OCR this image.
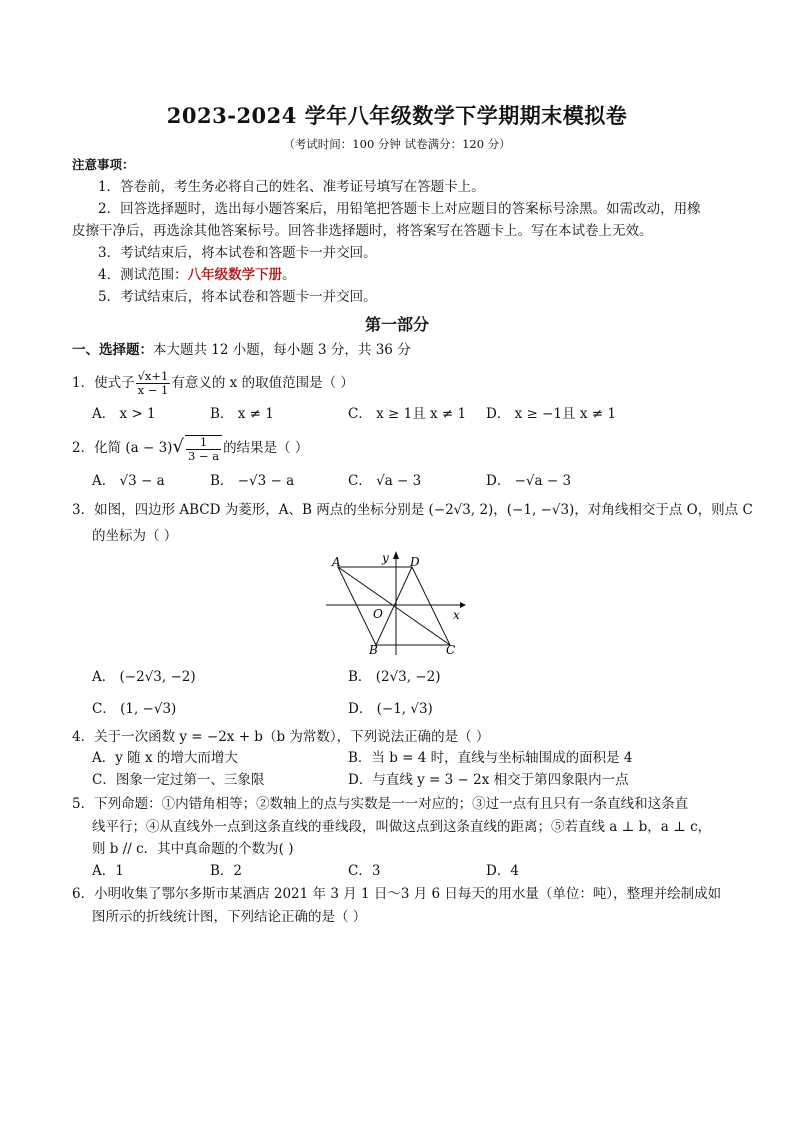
2023-2024 学年八年级数学下学期期末模拟卷
（考试时间：100 分钟 试卷满分：120 分）
注意事项：
1．答卷前，考生务必将自己的姓名、准考证号填写在答题卡上。
2．回答选择题时，选出每小题答案后，用铅笔把答题卡上对应题目的答案标号涂黑。如需改动，用橡
皮擦干净后，再选涂其他答案标号。回答非选择题时，将答案写在答题卡上。写在本试卷上无效。
3．考试结束后，将本试卷和答题卡一并交回。
4．测试范围：八年级数学下册。
5．考试结束后，将本试卷和答题卡一并交回。
第一部分
一、选择题：本大题共 12 小题，每小题 3 分，共 36 分
1．使式子 $\frac{√x+1}{x - 1}$ 有意义的 x 的取值范围是（ ）
A． x > 1	B． x ≠ 1	C． x ≥ 1且 x ≠ 1 D． x ≥ −1且 x ≠ 1
2．化简 $(a - 3)√ \frac{1}{3 - a}$ 的结果是（ ）
A． √3 − a	B． −√3 − a	C． √a − 3	D． −√a − 3
3．如图，四边形 ABCD 为菱形，A、B 两点的坐标分别是 (−2√3, 2)，(−1, −√3)，对角线相交于点 O，则点 C
的坐标为（ ）
A	D
B	C
O	x
y
A． (−2√3, −2)	B． (2√3, −2)
C． (1, −√3)	D． (−1, √3)
4．关于一次函数 y = −2x + b（b 为常数），下列说法正确的是（ ）
A．y 随 x 的增大而增大	B．当 b = 4 时，直线与坐标轴围成的面积是 4
C．图象一定过第一、三象限	D．与直线 y = 3 − 2x 相交于第四象限内一点
5．下列命题：①内错角相等；②数轴上的点与实数是一一对应的；③过一点有且只有一条直线和这条直
线平行；④从直线外一点到这条直线的垂线段，叫做这点到这条直线的距离；⑤若直线 a ⊥ b，a ⊥ c，
则 b // c．其中真命题的个数为( )
A．1	B．2	C．3	D．4
6．小明收集了鄂尔多斯市某酒店 2021 年 3 月 1 日～3 月 6 日每天的用水量（单位：吨），整理并绘制成如
图所示的折线统计图，下列结论正确的是（ ）
